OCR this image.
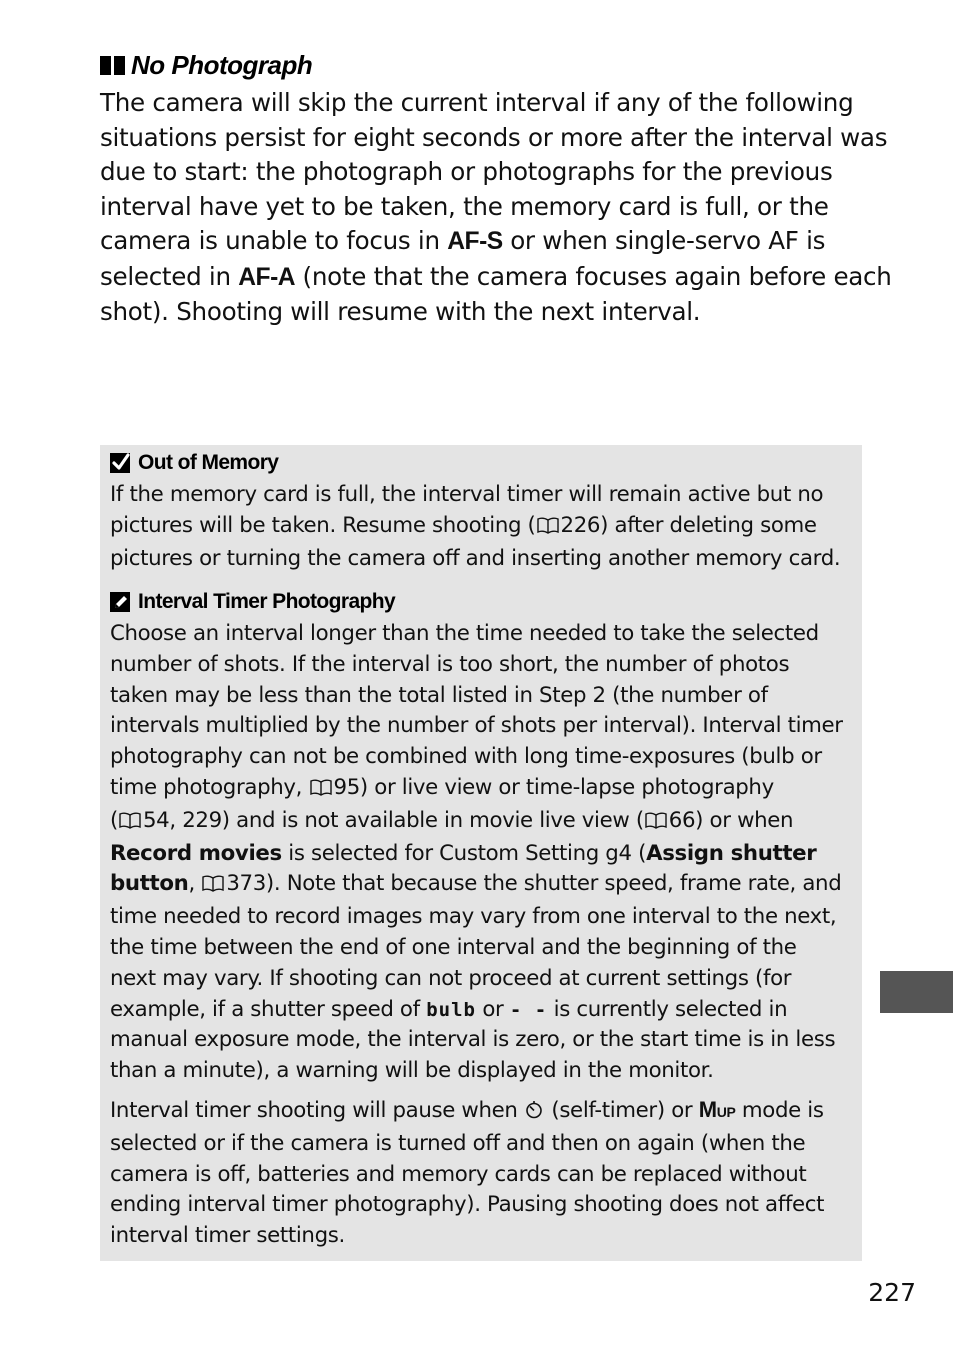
No Photograph
The camera will skip the current interval if any of the following
situations persist for eight seconds or more after the interval was
due to start: the photograph or photographs for the previous
interval have yet to be taken, the memory card is full, or the
camera is unable to focus in AF-S or when single-servo AF is
selected in AF-A (note that the camera focuses again before each
shot). Shooting will resume with the next interval.
Out of Memory
If the memory card is full, the interval timer will remain active but no
pictures will be taken. Resume shooting ( 226) after deleting some
pictures or turning the camera off and inserting another memory card.
Interval Timer Photography
Choose an interval longer than the time needed to take the selected
number of shots. If the interval is too short, the number of photos
taken may be less than the total listed in Step 2 (the number of
intervals multiplied by the number of shots per interval). Interval timer
photography can not be combined with long time-exposures (bulb or
time photography, 95) or live view or time-lapse photography
( 54, 229) and is not available in movie live view ( 66) or when
Record movies is selected for Custom Setting g4 (Assign shutter
button, 373). Note that because the shutter speed, frame rate, and
time needed to record images may vary from one interval to the next,
the time between the end of one interval and the beginning of the
next may vary. If shooting can not proceed at current settings (for
example, if a shutter speed of bulb or - - is currently selected in
manual exposure mode, the interval is zero, or the start time is in less
than a minute), a warning will be displayed in the monitor.
Interval timer shooting will pause when  (self-timer) or MUP mode is
selected or if the camera is turned off and then on again (when the
camera is off, batteries and memory cards can be replaced without
ending interval timer photography). Pausing shooting does not affect
interval timer settings.
227
